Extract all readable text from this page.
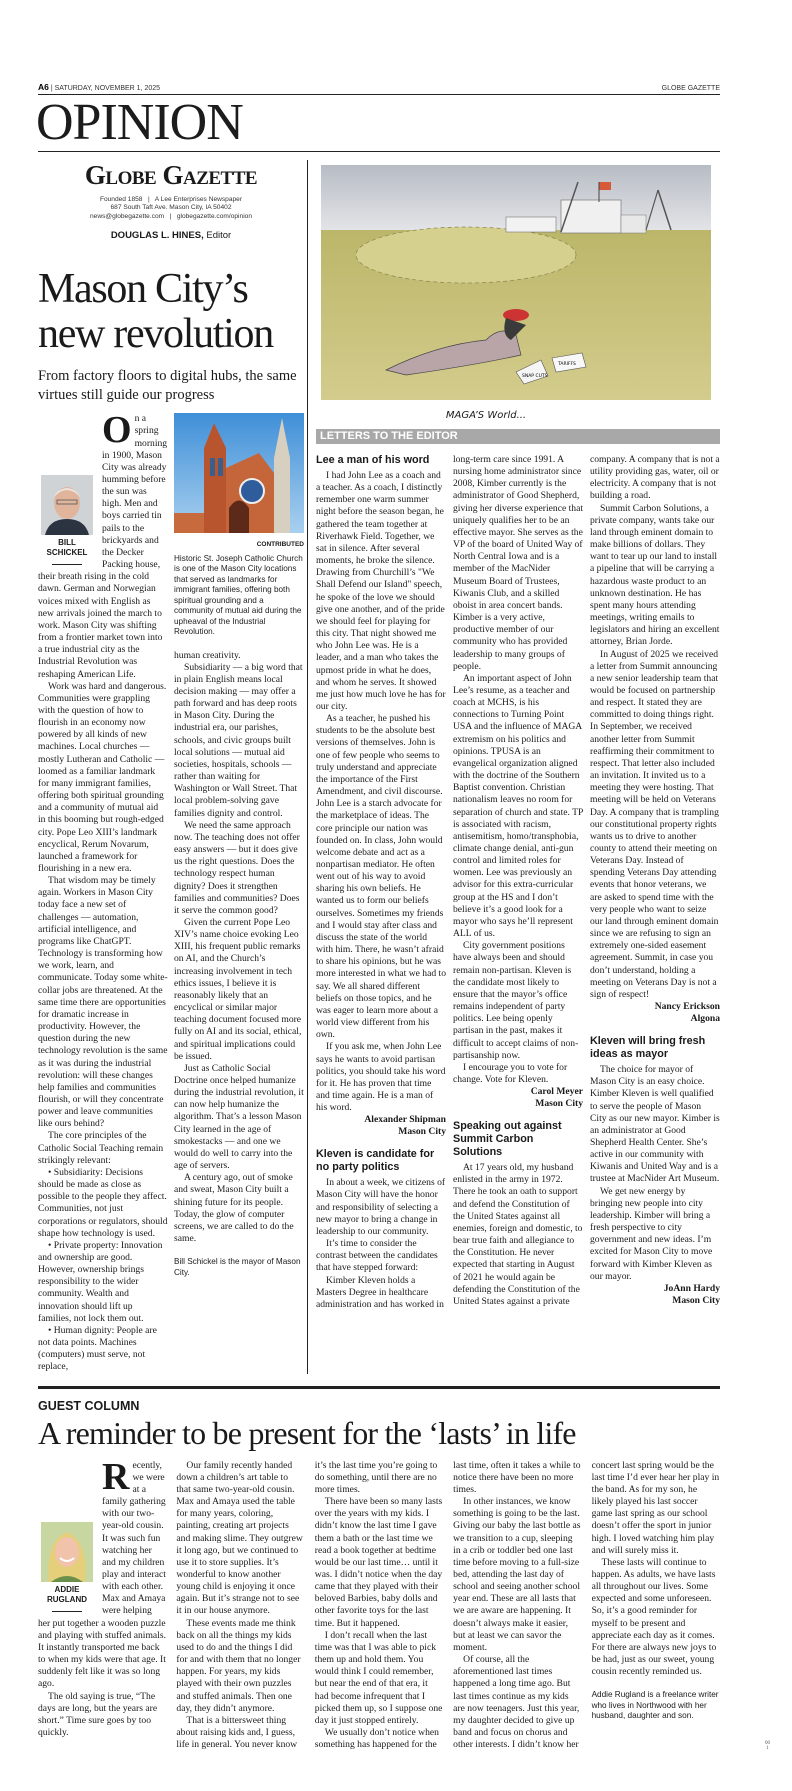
A6 | SATURDAY, NOVEMBER 1, 2025	GLOBE GAZETTE
OPINION
Globe Gazette
Founded 1858   |   A Lee Enterprises Newspaper
687 South Taft Ave. Mason City, IA 50402
news@globegazette.com   |   globegazette.com/opinion
DOUGLAS L. HINES, Editor
Mason City’s new revolution
From factory floors to digital hubs, the same virtues still guide our progress
BILL
SCHICKEL

On a spring morning in 1900, Mason City was already humming before the sun was high. Men and boys carried tin pails to the brickyards and the Decker Packing house, their breath rising in the cold dawn. German and Norwegian voices mixed with English as new arrivals joined the march to work. Mason City was shifting from a frontier market town into a true industrial city as the Industrial Revolution was reshaping American Life.

Work was hard and dangerous. Communities were grappling with the question of how to flourish in an economy now powered by all kinds of new machines. Local churches — mostly Lutheran and Catholic — loomed as a familiar landmark for many immigrant families, offering both spiritual grounding and a community of mutual aid in this booming but rough-edged city. Pope Leo XIII’s landmark encyclical, Rerum Novarum, launched a framework for flourishing in a new era.

That wisdom may be timely again. Workers in Mason City today face a new set of challenges — automation, artificial intelligence, and programs like ChatGPT. Technology is transforming how we work, learn, and communicate. Today some white-collar jobs are threatened. At the same time there are opportunities for dramatic increase in productivity. However, the question during the new technology revolution is the same as it was during the industrial revolution: will these changes help families and communities flourish, or will they concentrate power and leave communities like ours behind?

The core principles of the Catholic Social Teaching remain strikingly relevant:

• Subsidiarity: Decisions should be made as close as possible to the people they affect. Communities, not just corporations or regulators, should shape how technology is used.

• Private property: Innovation and ownership are good. However, ownership brings responsibility to the wider community. Wealth and innovation should lift up families, not lock them out.

• Human dignity: People are not data points. Machines (computers) must serve, not replace,

CONTRIBUTED
Historic St. Joseph Catholic Church is one of the Mason City locations that served as landmarks for immigrant families, offering both spiritual grounding and a community of mutual aid during the upheaval of the Industrial Revolution.

human creativity.

Subsidiarity — a big word that in plain English means local decision making — may offer a path forward and has deep roots in Mason City. During the industrial era, our parishes, schools, and civic groups built local solutions — mutual aid societies, hospitals, schools — rather than waiting for Washington or Wall Street. That local problem-solving gave families dignity and control.

We need the same approach now. The teaching does not offer easy answers — but it does give us the right questions. Does the technology respect human dignity? Does it strengthen families and communities? Does it serve the common good?

Given the current Pope Leo XIV’s name choice evoking Leo XIII, his frequent public remarks on AI, and the Church’s increasing involvement in tech ethics issues, I believe it is reasonably likely that an encyclical or similar major teaching document focused more fully on AI and its social, ethical, and spiritual implications could be issued.

Just as Catholic Social Doctrine once helped humanize during the industrial revolution, it can now help humanize the algorithm. That’s a lesson Mason City learned in the age of smokestacks — and one we would do well to carry into the age of servers.

A century ago, out of smoke and sweat, Mason City built a shining future for its people. Today, the glow of computer screens, we are called to do the same.

Bill Schickel is the mayor of Mason City.
SNAP CUTS
TARIFFS
MAGA’S World...
LETTERS TO THE EDITOR
Lee a man of his word

I had John Lee as a coach and a teacher. As a coach, I distinctly remember one warm summer night before the season began, he gathered the team together at Riverhawk Field. Together, we sat in silence. After several moments, he broke the silence. Drawing from Churchill’s "We Shall Defend our Island" speech, he spoke of the love we should give one another, and of the pride we should feel for playing for this city. That night showed me who John Lee was. He is a leader, and a man who takes the upmost pride in what he does, and whom he serves. It showed me just how much love he has for our city.

As a teacher, he pushed his students to be the absolute best versions of themselves. John is one of few people who seems to truly understand and appreciate the importance of the First Amendment, and civil discourse. John Lee is a starch advocate for the marketplace of ideas. The core principle our nation was founded on. In class, John would welcome debate and act as a nonpartisan mediator. He often went out of his way to avoid sharing his own beliefs. He wanted us to form our beliefs ourselves. Sometimes my friends and I would stay after class and discuss the state of the world with him. There, he wasn’t afraid to share his opinions, but he was more interested in what we had to say. We all shared different beliefs on those topics, and he was eager to learn more about a world view different from his own.

If you ask me, when John Lee says he wants to avoid partisan politics, you should take his word for it. He has proven that time and time again. He is a man of his word.

Alexander Shipman
Mason City
Kleven is candidate for no party politics

In about a week, we citizens of Mason City will have the honor and responsibility of selecting a new mayor to bring a change in leadership to our community.

It’s time to consider the contrast between the candidates that have stepped forward:

Kimber Kleven holds a Masters Degree in healthcare administration and has worked in long-term care since 1991. A nursing home administrator since 2008, Kimber currently is the administrator of Good Shepherd, giving her diverse experience that uniquely qualifies her to be an effective mayor. She serves as the VP of the board of United Way of North Central Iowa and is a member of the MacNider Museum Board of Trustees, Kiwanis Club, and a skilled oboist in area concert bands. Kimber is a very active, productive member of our community who has provided leadership to many groups of people.

An important aspect of John Lee’s resume, as a teacher and coach at MCHS, is his connections to Turning Point USA and the influence of MAGA extremism on his politics and opinions. TPUSA is an evangelical organization aligned with the doctrine of the Southern Baptist convention. Christian nationalism leaves no room for separation of church and state. TP is associated with racism, antisemitism, homo/transphobia, climate change denial, anti-gun control and limited roles for women. Lee was previously an advisor for this extra-curricular group at the HS and I don’t believe it’s a good look for a mayor who says he’ll represent ALL of us.

City government positions have always been and should remain non-partisan. Kleven is the candidate most likely to ensure that the mayor’s office remains independent of party politics. Lee being openly partisan in the past, makes it difficult to accept claims of non-partisanship now.

I encourage you to vote for change. Vote for Kleven.

Carol Meyer
Mason City
Speaking out against Summit Carbon Solutions

At 17 years old, my husband enlisted in the army in 1972. There he took an oath to support and defend the Constitution of the United States against all enemies, foreign and domestic, to bear true faith and allegiance to the Constitution. He never expected that starting in August of 2021 he would again be defending the Constitution of the United States against a private company. A company that is not a utility providing gas, water, oil or electricity. A company that is not building a road.

Summit Carbon Solutions, a private company, wants take our land through eminent domain to make billions of dollars. They want to tear up our land to install a pipeline that will be carrying a hazardous waste product to an unknown destination. He has spent many hours attending meetings, writing emails to legislators and hiring an excellent attorney, Brian Jorde.

In August of 2025 we received a letter from Summit announcing a new senior leadership team that would be focused on partnership and respect. It stated they are committed to doing things right. In September, we received another letter from Summit reaffirming their commitment to respect. That letter also included an invitation. It invited us to a meeting they were hosting. That meeting will be held on Veterans Day. A company that is trampling our constitutional property rights wants us to drive to another county to attend their meeting on Veterans Day. Instead of spending Veterans Day attending events that honor veterans, we are asked to spend time with the very people who want to seize our land through eminent domain since we are refusing to sign an extremely one-sided easement agreement. Summit, in case you don’t understand, holding a meeting on Veterans Day is not a sign of respect!

Nancy Erickson
Algona
Kleven will bring fresh ideas as mayor

The choice for mayor of Mason City is an easy choice. Kimber Kleven is well qualified to serve the people of Mason City as our new mayor. Kimber is an administrator at Good Shepherd Health Center. She’s active in our community with Kiwanis and United Way and is a trustee at MacNider Art Museum.

We get new energy by bringing new people into city leadership. Kimber will bring a fresh perspective to city government and new ideas. I’m excited for Mason City to move forward with Kimber Kleven as our mayor.

JoAnn Hardy
Mason City
GUEST COLUMN
A reminder to be present for the ‘lasts’ in life
ADDIE
RUGLAND

Recently, we were at a family gathering with our two-year-old cousin. It was such fun watching her and my children play and interact with each other. Max and Amaya were helping her put together a wooden puzzle and playing with stuffed animals. It instantly transported me back to when my kids were that age. It suddenly felt like it was so long ago.

The old saying is true, “The days are long, but the years are short.” Time sure goes by too quickly.

Our family recently handed down a children’s art table to that same two-year-old cousin. Max and Amaya used the table for many years, coloring, painting, creating art projects and making slime. They outgrew it long ago, but we continued to use it to store supplies. It’s wonderful to know another young child is enjoying it once again. But it’s strange not to see it in our house anymore.

These events made me think back on all the things my kids used to do and the things I did for and with them that no longer happen. For years, my kids played with their own puzzles and stuffed animals. Then one day, they didn’t anymore.

That is a bittersweet thing about raising kids and, I guess, life in general. You never know it’s the last time you’re going to do something, until there are no more times.

There have been so many lasts over the years with my kids. I didn’t know the last time I gave them a bath or the last time we read a book together at bedtime would be our last time… until it was. I didn’t notice when the day came that they played with their beloved Barbies, baby dolls and other favorite toys for the last time. But it happened.

I don’t recall when the last time was that I was able to pick them up and hold them. You would think I could remember, but near the end of that era, it had become infrequent that I picked them up, so I suppose one day it just stopped entirely.

We usually don’t notice when something has happened for the last time, often it takes a while to notice there have been no more times.

In other instances, we know something is going to be the last. Giving our baby the last bottle as we transition to a cup, sleeping in a crib or toddler bed one last time before moving to a full-size bed, attending the last day of school and seeing another school year end. These are all lasts that we are aware are happening. It doesn’t always make it easier, but at least we can savor the moment.

Of course, all the aforementioned last times happened a long time ago. But last times continue as my kids are now teenagers. Just this year, my daughter decided to give up band and focus on chorus and other interests. I didn’t know her concert last spring would be the last time I’d ever hear her play in the band. As for my son, he likely played his last soccer game last spring as our school doesn’t offer the sport in junior high. I loved watching him play and will surely miss it.

These lasts will continue to happen. As adults, we have lasts all throughout our lives. Some expected and some unforeseen. So, it’s a good reminder for myself to be present and appreciate each day as it comes. For there are always new joys to be had, just as our sweet, young cousin recently reminded us.

Addie Rugland is a freelance writer who lives in Northwood with her husband, daughter and son.
00
1
